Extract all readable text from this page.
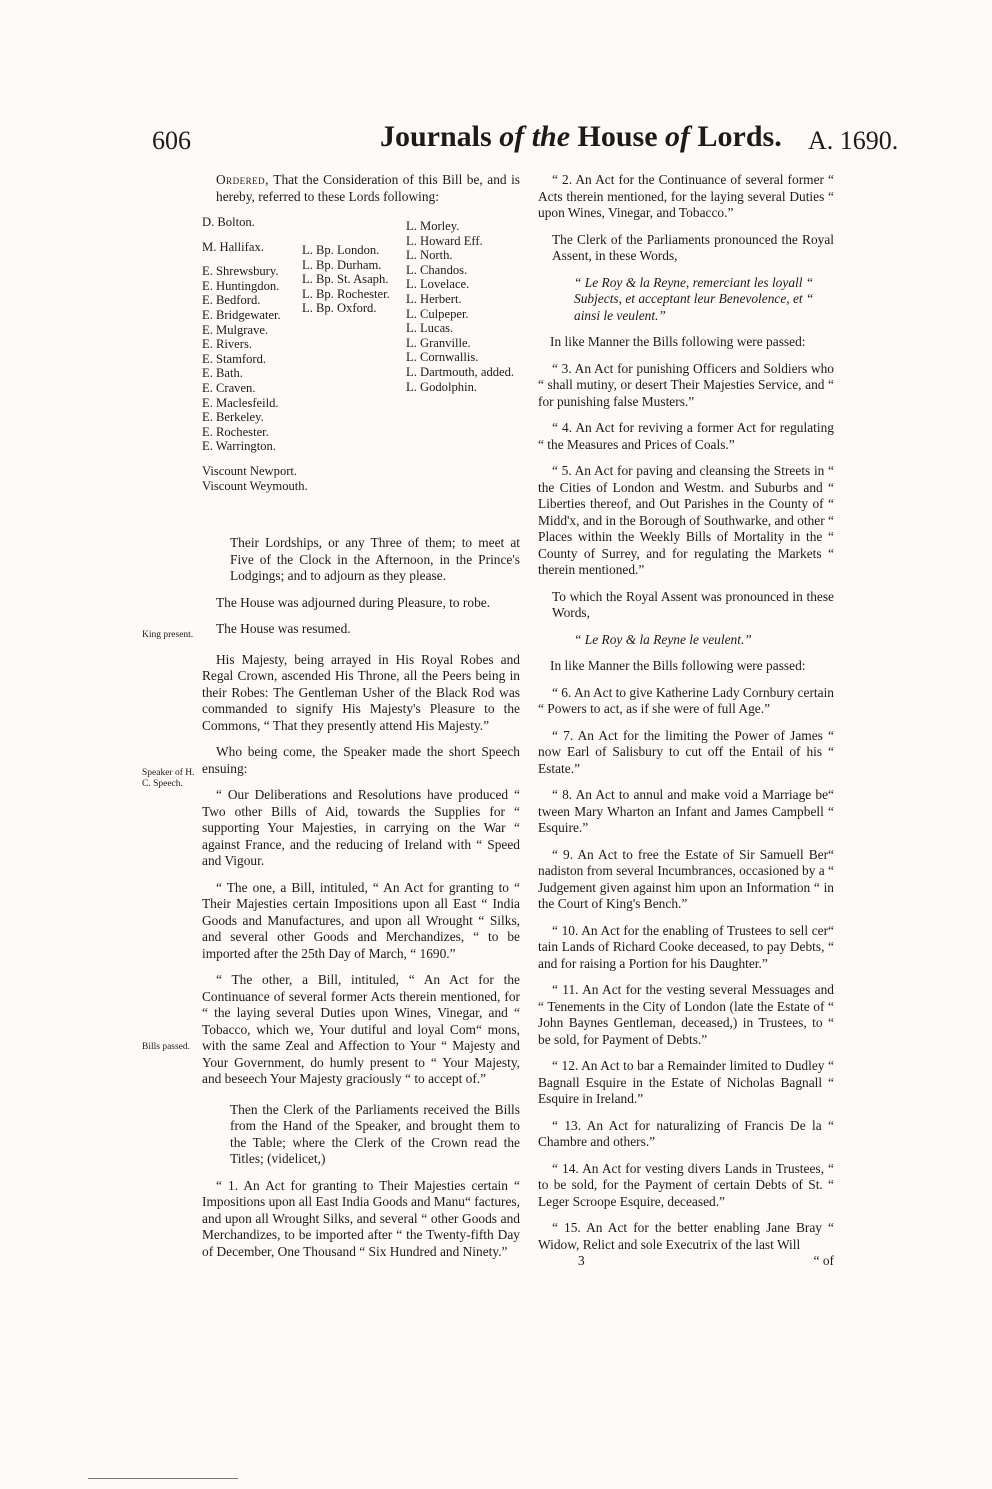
606	Journals of the House of Lords. A. 1690.
King present.
Speaker of H. C. Speech.
Bills passed.

Ordered, That the Consideration of this Bill be, and is hereby, referred to these Lords following:

D. Bolton.
M. Hallifax.
E. Shrewsbury.
E. Huntingdon.
E. Bedford.
E. Bridgewater.
E. Mulgrave.
E. Rivers.
E. Stamford.
E. Bath.
E. Craven.
E. Maclesfeild.
E. Berkeley.
E. Rochester.
E. Warrington.
Viscount Newport.
Viscount Weymouth.
L. Bp. London.
L. Bp. Durham.
L. Bp. St. Asaph.
L. Bp. Rochester.
L. Bp. Oxford.
L. Morley.
L. Howard Eff.
L. North.
L. Chandos.
L. Lovelace.
L. Herbert.
L. Culpeper.
L. Lucas.
L. Granville.
L. Cornwallis.
L. Dartmouth, added.
L. Godolphin.

Their Lordships, or any Three of them; to meet at Five of the Clock in the Afternoon, in the Prince's Lodgings; and to adjourn as they please.

The House was adjourned during Pleasure, to robe.

The House was resumed.

His Majesty, being arrayed in His Royal Robes and Regal Crown, ascended His Throne, all the Peers being in their Robes: The Gentleman Usher of the Black Rod was commanded to signify His Majesty's Pleasure to the Commons, “ That they presently attend His Majesty.”

Who being come, the Speaker made the short Speech ensuing:

“ Our Deliberations and Resolutions have produced “ Two other Bills of Aid, towards the Supplies for “ supporting Your Majesties, in carrying on the War “ against France, and the reducing of Ireland with “ Speed and Vigour.

“ The one, a Bill, intituled, “ An Act for granting to “ Their Majesties certain Impositions upon all East “ India Goods and Manufactures, and upon all Wrought “ Silks, and several other Goods and Merchandizes, “ to be imported after the 25th Day of March, “ 1690.”

“ The other, a Bill, intituled, “ An Act for the Continuance of several former Acts therein mentioned, for “ the laying several Duties upon Wines, Vinegar, and “ Tobacco, which we, Your dutiful and loyal Com“ mons, with the same Zeal and Affection to Your “ Majesty and Your Government, do humly present to “ Your Majesty, and beseech Your Majesty graciously “ to accept of.”

Then the Clerk of the Parliaments received the Bills from the Hand of the Speaker, and brought them to the Table; where the Clerk of the Crown read the Titles; (videlicet,)

“ 1. An Act for granting to Their Majesties certain “ Impositions upon all East India Goods and Manu“ factures, and upon all Wrought Silks, and several “ other Goods and Merchandizes, to be imported after “ the Twenty-fifth Day of December, One Thousand “ Six Hundred and Ninety.”

“ 2. An Act for the Continuance of several former “ Acts therein mentioned, for the laying several Duties “ upon Wines, Vinegar, and Tobacco.”

The Clerk of the Parliaments pronounced the Royal Assent, in these Words,

“ Le Roy & la Reyne, remerciant les loyall “ Subjects, et acceptant leur Benevolence, et “ ainsi le veulent.”

In like Manner the Bills following were passed:

“ 3. An Act for punishing Officers and Soldiers who “ shall mutiny, or desert Their Majesties Service, and “ for punishing false Musters.”

“ 4. An Act for reviving a former Act for regulating “ the Measures and Prices of Coals.”

“ 5. An Act for paving and cleansing the Streets in “ the Cities of London and Westm. and Suburbs and “ Liberties thereof, and Out Parishes in the County of “ Midd'x, and in the Borough of Southwarke, and other “ Places within the Weekly Bills of Mortality in the “ County of Surrey, and for regulating the Markets “ therein mentioned.”

To which the Royal Assent was pronounced in these Words,

“ Le Roy & la Reyne le veulent.”

In like Manner the Bills following were passed:

“ 6. An Act to give Katherine Lady Cornbury certain “ Powers to act, as if she were of full Age.”

“ 7. An Act for the limiting the Power of James “ now Earl of Salisbury to cut off the Entail of his “ Estate.”

“ 8. An Act to annul and make void a Marriage be“ tween Mary Wharton an Infant and James Campbell “ Esquire.”

“ 9. An Act to free the Estate of Sir Samuell Ber“ nadiston from several Incumbrances, occasioned by a “ Judgement given against him upon an Information “ in the Court of King's Bench.”

“ 10. An Act for the enabling of Trustees to sell cer“ tain Lands of Richard Cooke deceased, to pay Debts, “ and for raising a Portion for his Daughter.”

“ 11. An Act for the vesting several Messuages and “ Tenements in the City of London (late the Estate of “ John Baynes Gentleman, deceased,) in Trustees, to “ be sold, for Payment of Debts.”

“ 12. An Act to bar a Remainder limited to Dudley “ Bagnall Esquire in the Estate of Nicholas Bagnall “ Esquire in Ireland.”

“ 13. An Act for naturalizing of Francis De la “ Chambre and others.”

“ 14. An Act for vesting divers Lands in Trustees, “ to be sold, for the Payment of certain Debts of St. “ Leger Scroope Esquire, deceased.”

“ 15. An Act for the better enabling Jane Bray “ Widow, Relict and sole Executrix of the last Will

3	“ of
